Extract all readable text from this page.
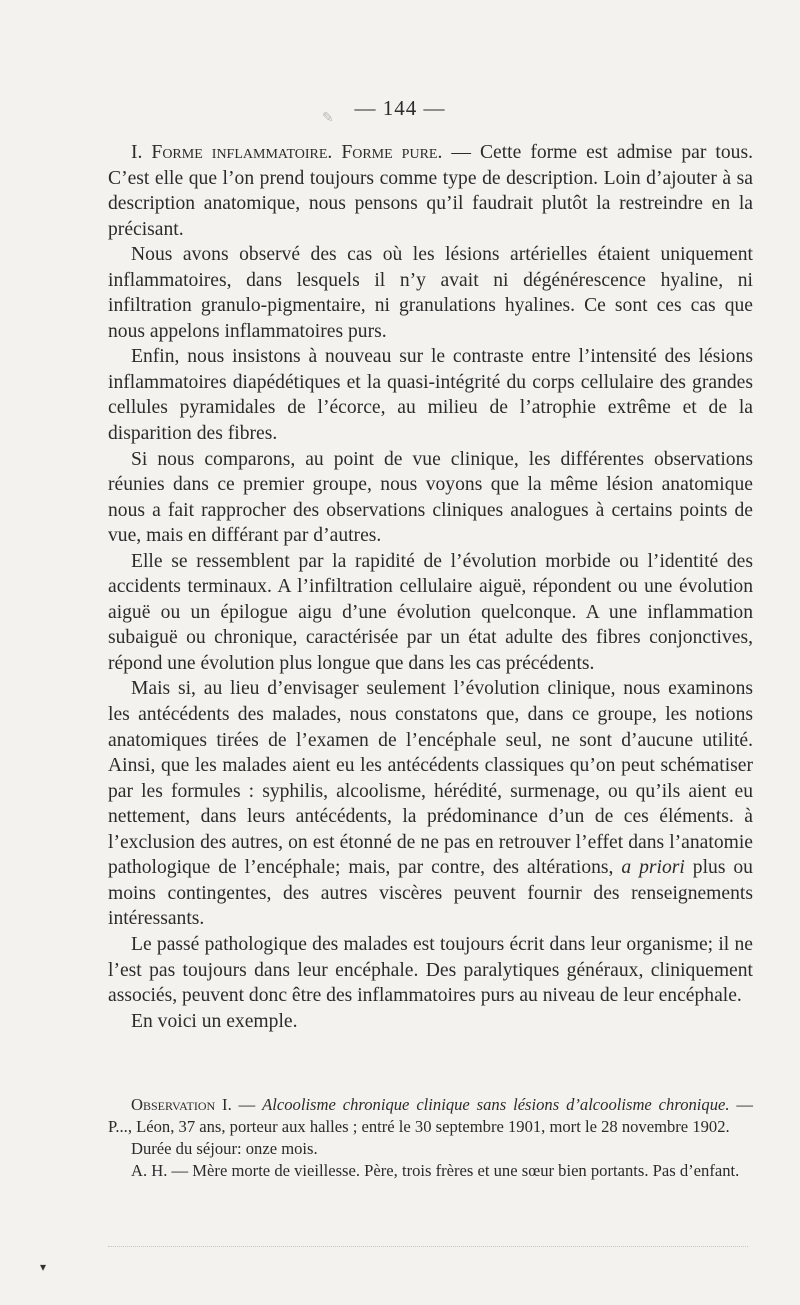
✎ — 144 —

I. Forme inflammatoire. Forme pure. — Cette forme est admise par tous. C’est elle que l’on prend toujours comme type de description. Loin d’ajouter à sa description anatomique, nous pensons qu’il faudrait plutôt la restreindre en la précisant.

Nous avons observé des cas où les lésions artérielles étaient uniquement inflammatoires, dans lesquels il n’y avait ni dégénérescence hyaline, ni infiltration granulo-pigmentaire, ni granulations hyalines. Ce sont ces cas que nous appelons inflammatoires purs.

Enfin, nous insistons à nouveau sur le contraste entre l’intensité des lésions inflammatoires diapédétiques et la quasi-intégrité du corps cellulaire des grandes cellules pyramidales de l’écorce, au milieu de l’atrophie extrême et de la disparition des fibres.

Si nous comparons, au point de vue clinique, les différentes observations réunies dans ce premier groupe, nous voyons que la même lésion anatomique nous a fait rapprocher des observations cliniques analogues à certains points de vue, mais en différant par d’autres.

Elle se ressemblent par la rapidité de l’évolution morbide ou l’identité des accidents terminaux. A l’infiltration cellulaire aiguë, répondent ou une évolution aiguë ou un épilogue aigu d’une évolution quelconque. A une inflammation subaiguë ou chronique, caractérisée par un état adulte des fibres conjonctives, répond une évolution plus longue que dans les cas précédents.

Mais si, au lieu d’envisager seulement l’évolution clinique, nous examinons les antécédents des malades, nous constatons que, dans ce groupe, les notions anatomiques tirées de l’examen de l’encéphale seul, ne sont d’aucune utilité. Ainsi, que les malades aient eu les antécédents classiques qu’on peut schématiser par les formules : syphilis, alcoolisme, hérédité, surmenage, ou qu’ils aient eu nettement, dans leurs antécédents, la prédominance d’un de ces éléments. à l’exclusion des autres, on est étonné de ne pas en retrouver l’effet dans l’anatomie pathologique de l’encéphale; mais, par contre, des altérations, a priori plus ou moins contingentes, des autres viscères peuvent fournir des renseignements intéressants.

Le passé pathologique des malades est toujours écrit dans leur organisme; il ne l’est pas toujours dans leur encéphale. Des paralytiques généraux, cliniquement associés, peuvent donc être des inflammatoires purs au niveau de leur encéphale.

En voici un exemple.

Observation I. — Alcoolisme chronique clinique sans lésions d’alcoolisme chronique. — P..., Léon, 37 ans, porteur aux halles ; entré le 30 septembre 1901, mort le 28 novembre 1902.

Durée du séjour: onze mois.

A. H. — Mère morte de vieillesse. Père, trois frères et une sœur bien portants. Pas d’enfant.

▾
